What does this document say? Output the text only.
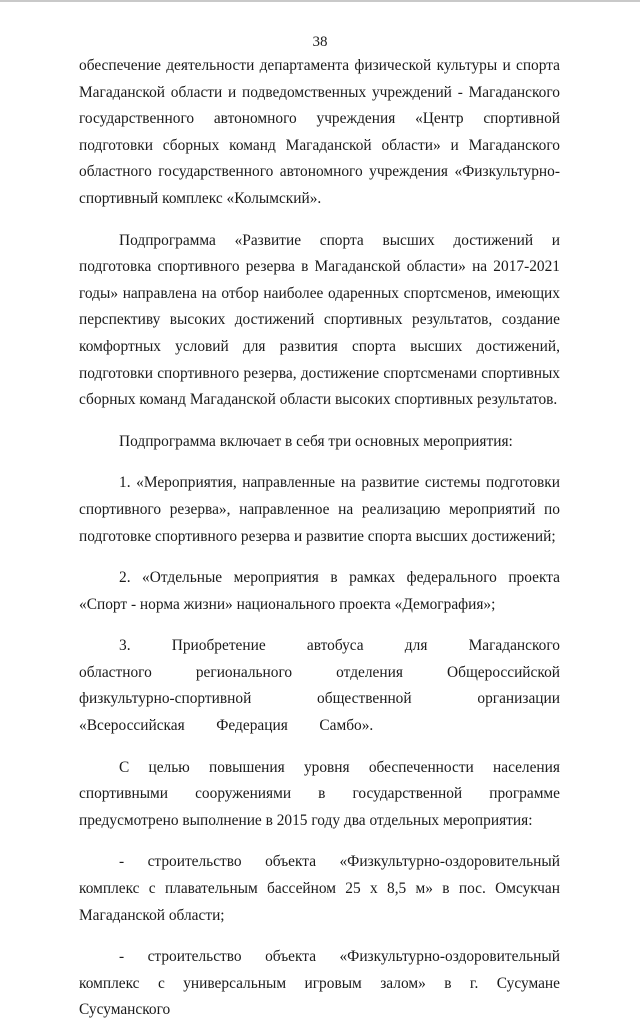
38

обеспечение деятельности департамента физической культуры и спорта Магаданской области и подведомственных учреждений - Магаданского государственного автономного учреждения «Центр спортивной подготовки сборных команд Магаданской области» и Магаданского областного государственного автономного учреждения «Физкультурно-спортивный комплекс «Колымский».

Подпрограмма «Развитие спорта высших достижений и подготовка спортивного резерва в Магаданской области» на 2017-2021 годы» направлена на отбор наиболее одаренных спортсменов, имеющих перспективу высоких достижений спортивных результатов, создание комфортных условий для развития спорта высших достижений, подготовки спортивного резерва, достижение спортсменами спортивных сборных команд Магаданской области высоких спортивных результатов.

Подпрограмма включает в себя три основных мероприятия:

1. «Мероприятия, направленные на развитие системы подготовки спортивного резерва», направленное на реализацию мероприятий по подготовке спортивного резерва и развитие спорта высших достижений;

2. «Отдельные мероприятия в рамках федерального проекта «Спорт - норма жизни» национального проекта «Демография»;

3. Приобретение автобуса для Магаданского областного регионального отделения Общероссийской физкультурно-спортивной общественной организации «Всероссийская Федерация Самбо».

С целью повышения уровня обеспеченности населения спортивными сооружениями в государственной программе предусмотрено выполнение в 2015 году два отдельных мероприятия:

- строительство объекта «Физкультурно-оздоровительный комплекс с плавательным бассейном 25 х 8,5 м» в пос. Омсукчан Магаданской области;

- строительство объекта «Физкультурно-оздоровительный комплекс с универсальным игровым залом» в г. Сусумане Сусуманского
